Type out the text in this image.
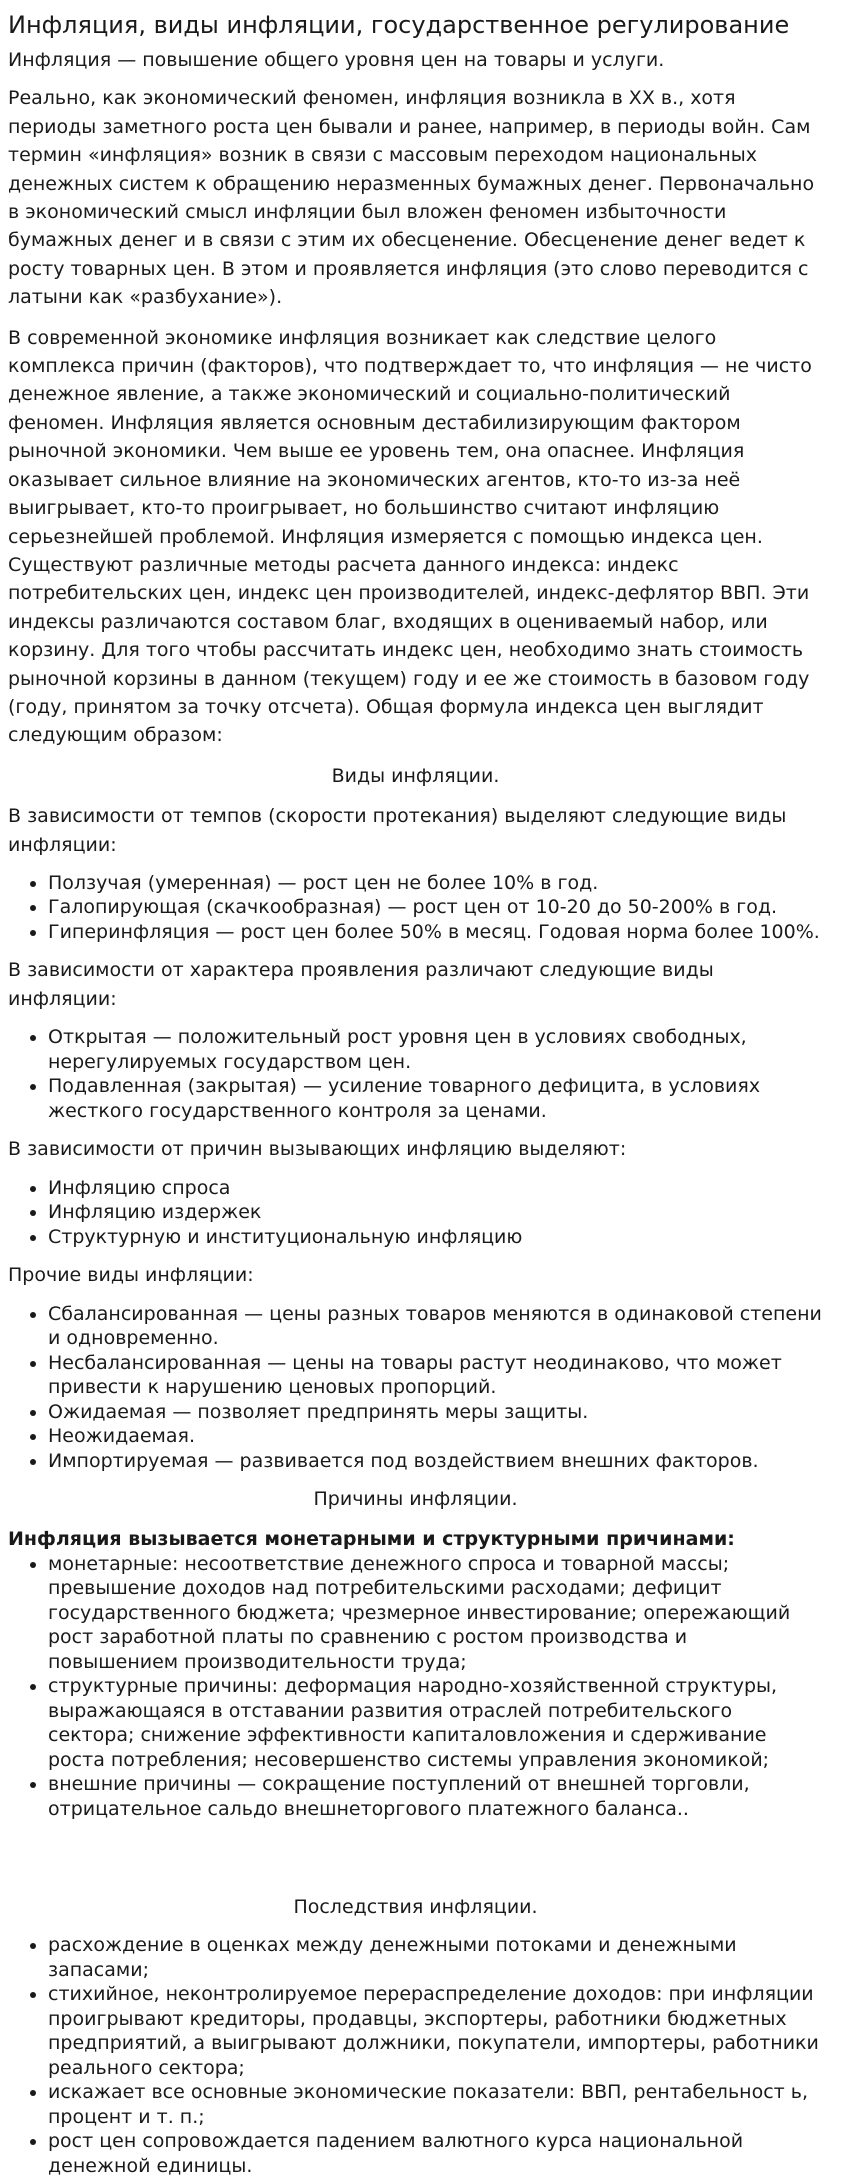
Инфляция, виды инфляции, государственное регулирование

Инфляция — повышение общего уровня цен на товары и услуги.

Реально, как экономический феномен, инфляция возникла в XX в., хотя периоды заметного роста цен бывали и ранее, например, в периоды войн. Сам термин «инфляция» возник в связи с массовым переходом национальных денежных систем к обращению неразменных бумажных денег. Первоначально в экономический смысл инфляции был вложен феномен избыточности бумажных денег и в связи с этим их обесценение. Обесценение денег ведет к росту товарных цен. В этом и проявляется инфляция (это слово переводится с латыни как «разбухание»).

В современной экономике инфляция возникает как следствие целого комплекса причин (факторов), что подтверждает то, что инфляция — не чисто денежное явление, а также экономический и социально-политический феномен. Инфляция является основным дестабилизирующим фактором рыночной экономики. Чем выше ее уровень тем, она опаснее. Инфляция оказывает сильное влияние на экономических агентов, кто-то из-за неё выигрывает, кто-то проигрывает, но большинство считают инфляцию серьезнейшей проблемой. Инфляция измеряется с помощью индекса цен. Существуют различные методы расчета данного индекса: индекс потребительских цен, индекс цен производителей, индекс-дефлятор ВВП. Эти индексы различаются составом благ, входящих в оцениваемый набор, или корзину. Для того чтобы рассчитать индекс цен, необходимо знать стоимость рыночной корзины в данном (текущем) году и ее же стоимость в базовом году (году, принятом за точку отсчета). Общая формула индекса цен выглядит следующим образом:

Виды инфляции.

В зависимости от темпов (скорости протекания) выделяют следующие виды инфляции:

• Ползучая (умеренная) — рост цен не более 10% в год.
• Галопирующая (скачкообразная) — рост цен от 10-20 до 50-200% в год.
• Гиперинфляция — рост цен более 50% в месяц. Годовая норма более 100%.

В зависимости от характера проявления различают следующие виды инфляции:

• Открытая — положительный рост уровня цен в условиях свободных, нерегулируемых государством цен.
• Подавленная (закрытая) — усиление товарного дефицита, в условиях жесткого государственного контроля за ценами.

В зависимости от причин вызывающих инфляцию выделяют:

• Инфляцию спроса
• Инфляцию издержек
• Структурную и институциональную инфляцию

Прочие виды инфляции:

• Сбалансированная — цены разных товаров меняются в одинаковой степени и одновременно.
• Несбалансированная — цены на товары растут неодинаково, что может привести к нарушению ценовых пропорций.
• Ожидаемая — позволяет предпринять меры защиты.
• Неожидаемая.
• Импортируемая — развивается под воздействием внешних факторов.

Причины инфляции.

Инфляция вызывается монетарными и структурными причинами:

• монетарные: несоответствие денежного спроса и товарной массы; превышение доходов над потребительскими расходами; дефицит государственного бюджета; чрезмерное инвестирование; опережающий рост заработной платы по сравнению с ростом производства и повышением производительности труда;
• структурные причины: деформация народно-хозяйственной структуры, выражающаяся в отставании развития отраслей потребительского сектора; снижение эффективности капиталовложения и сдерживание роста потребления; несовершенство системы управления экономикой;
• внешние причины — сокращение поступлений от внешней торговли, отрицательное сальдо внешнеторгового платежного баланса..

Последствия инфляции.

• расхождение в оценках между денежными потоками и денежными запасами;
• стихийное, неконтролируемое перераспределение доходов: при инфляции проигрывают кредиторы, продавцы, экспортеры, работники бюджетных предприятий, а выигрывают должники, покупатели, импортеры, работники реального сектора;
• искажает все основные экономические показатели: ВВП, рентабельност ь, процент и т. п.;
• рост цен сопровождается падением валютного курса национальной денежной единицы.
